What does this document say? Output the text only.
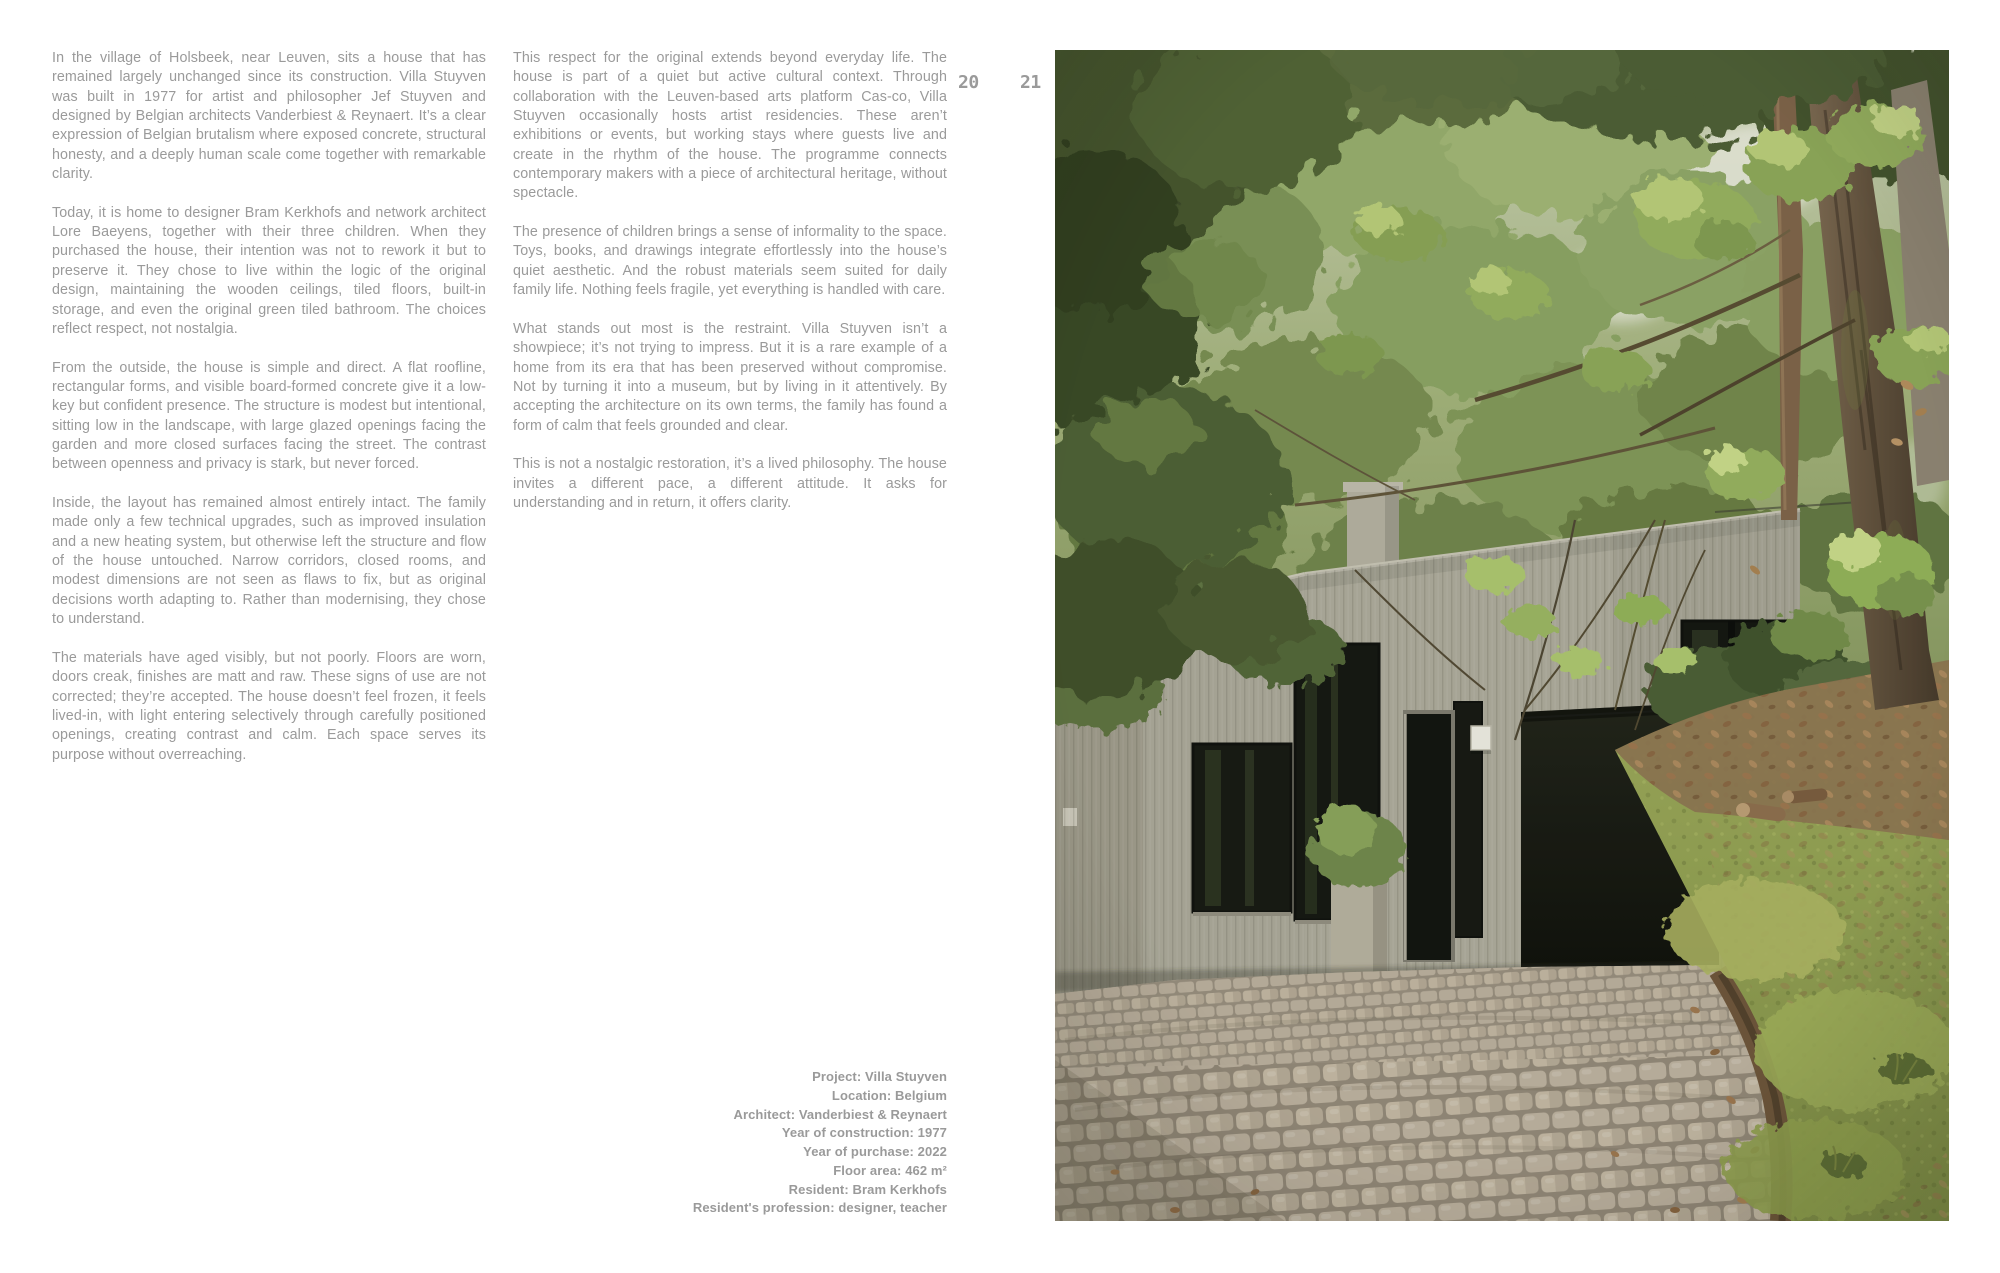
In the village of Holsbeek, near Leuven, sits a house that has remained largely unchanged since its construction. Villa Stuyven was built in 1977 for artist and philosopher Jef Stuyven and designed by Belgian architects Vanderbiest & Reynaert. It’s a clear expression of Belgian brutalism where exposed concrete, structural honesty, and a deeply human scale come together with remarkable clarity.

Today, it is home to designer Bram Kerkhofs and network architect Lore Baeyens, together with their three children. When they purchased the house, their intention was not to rework it but to preserve it. They chose to live within the logic of the original design, maintaining the wooden ceilings, tiled floors, built-in storage, and even the original green tiled bathroom. The choices reflect respect, not nostalgia.

From the outside, the house is simple and direct. A flat roofline, rectangular forms, and visible board-formed concrete give it a low-key but confident presence. The structure is modest but intentional, sitting low in the landscape, with large glazed openings facing the garden and more closed surfaces facing the street. The contrast between openness and privacy is stark, but never forced.

Inside, the layout has remained almost entirely intact. The family made only a few technical upgrades, such as improved insulation and a new heating system, but otherwise left the structure and flow of the house untouched. Narrow corridors, closed rooms, and modest dimensions are not seen as flaws to fix, but as original decisions worth adapting to. Rather than modernising, they chose to understand.

The materials have aged visibly, but not poorly. Floors are worn, doors creak, finishes are matt and raw. These signs of use are not corrected; they’re accepted. The house doesn’t feel frozen, it feels lived-in, with light entering selectively through carefully positioned openings, creating contrast and calm. Each space serves its purpose without overreaching.

This respect for the original extends beyond everyday life. The house is part of a quiet but active cultural context. Through collaboration with the Leuven-based arts platform Cas-co, Villa Stuyven occasionally hosts artist residencies. These aren’t exhibitions or events, but working stays where guests live and create in the rhythm of the house. The programme connects contemporary makers with a piece of architectural heritage, without spectacle.

The presence of children brings a sense of informality to the space. Toys, books, and drawings integrate effortlessly into the house’s quiet aesthetic. And the robust materials seem suited for daily family life. Nothing feels fragile, yet everything is handled with care.

What stands out most is the restraint. Villa Stuyven isn’t a showpiece; it’s not trying to impress. But it is a rare example of a home from its era that has been preserved without compromise. Not by turning it into a museum, but by living in it attentively. By accepting the architecture on its own terms, the family has found a form of calm that feels grounded and clear.

This is not a nostalgic restoration, it’s a lived philosophy. The house invites a different pace, a different attitude. It asks for understanding and in return, it offers clarity.

20 21
Project: Villa Stuyven
Location: Belgium
Architect: Vanderbiest & Reynaert
Year of construction: 1977
Year of purchase: 2022
Floor area: 462 m²
Resident: Bram Kerkhofs
Resident's profession: designer, teacher
